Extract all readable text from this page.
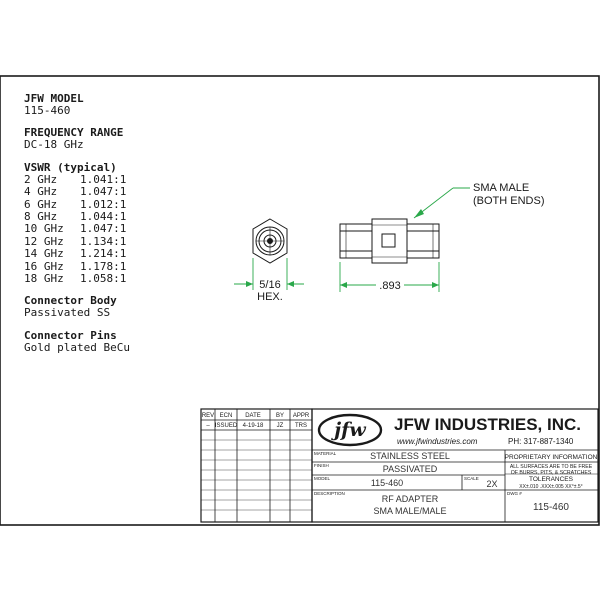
SMA MALE
(BOTH ENDS)
5/16
HEX.
.893
REV ECN DATE	BY APPR
– ISSUED 4-19-18 JZ TRS jfw JFW INDUSTRIES, INC.
www.jfwindustries.com	PH: 317-887-1340
MATERIAL	STAINLESS STEEL
FINISH	PASSIVATED
MODEL	115-460	SCALE
2X
DESCRIPTION
RF ADAPTER
SMA MALE/MALE
PROPRIETARY INFORMATION
ALL SURFACES ARE TO BE FREE
OF BURRS, PITS, & SCRATCHES
TOLERANCES
XX±.010 .XXX±.005 XX°±.5°
DWG #
115-460
JFW MODEL
115-460
FREQUENCY RANGE
DC-18 GHz
VSWR (typical)
2 GHz	1.041:1
4 GHz	1.047:1
6 GHz	1.012:1
8 GHz	1.044:1
10 GHz	1.047:1
12 GHz	1.134:1
14 GHz	1.214:1
16 GHz	1.178:1
18 GHz	1.058:1
Connector Body
Passivated SS
Connector Pins
Gold plated BeCu
